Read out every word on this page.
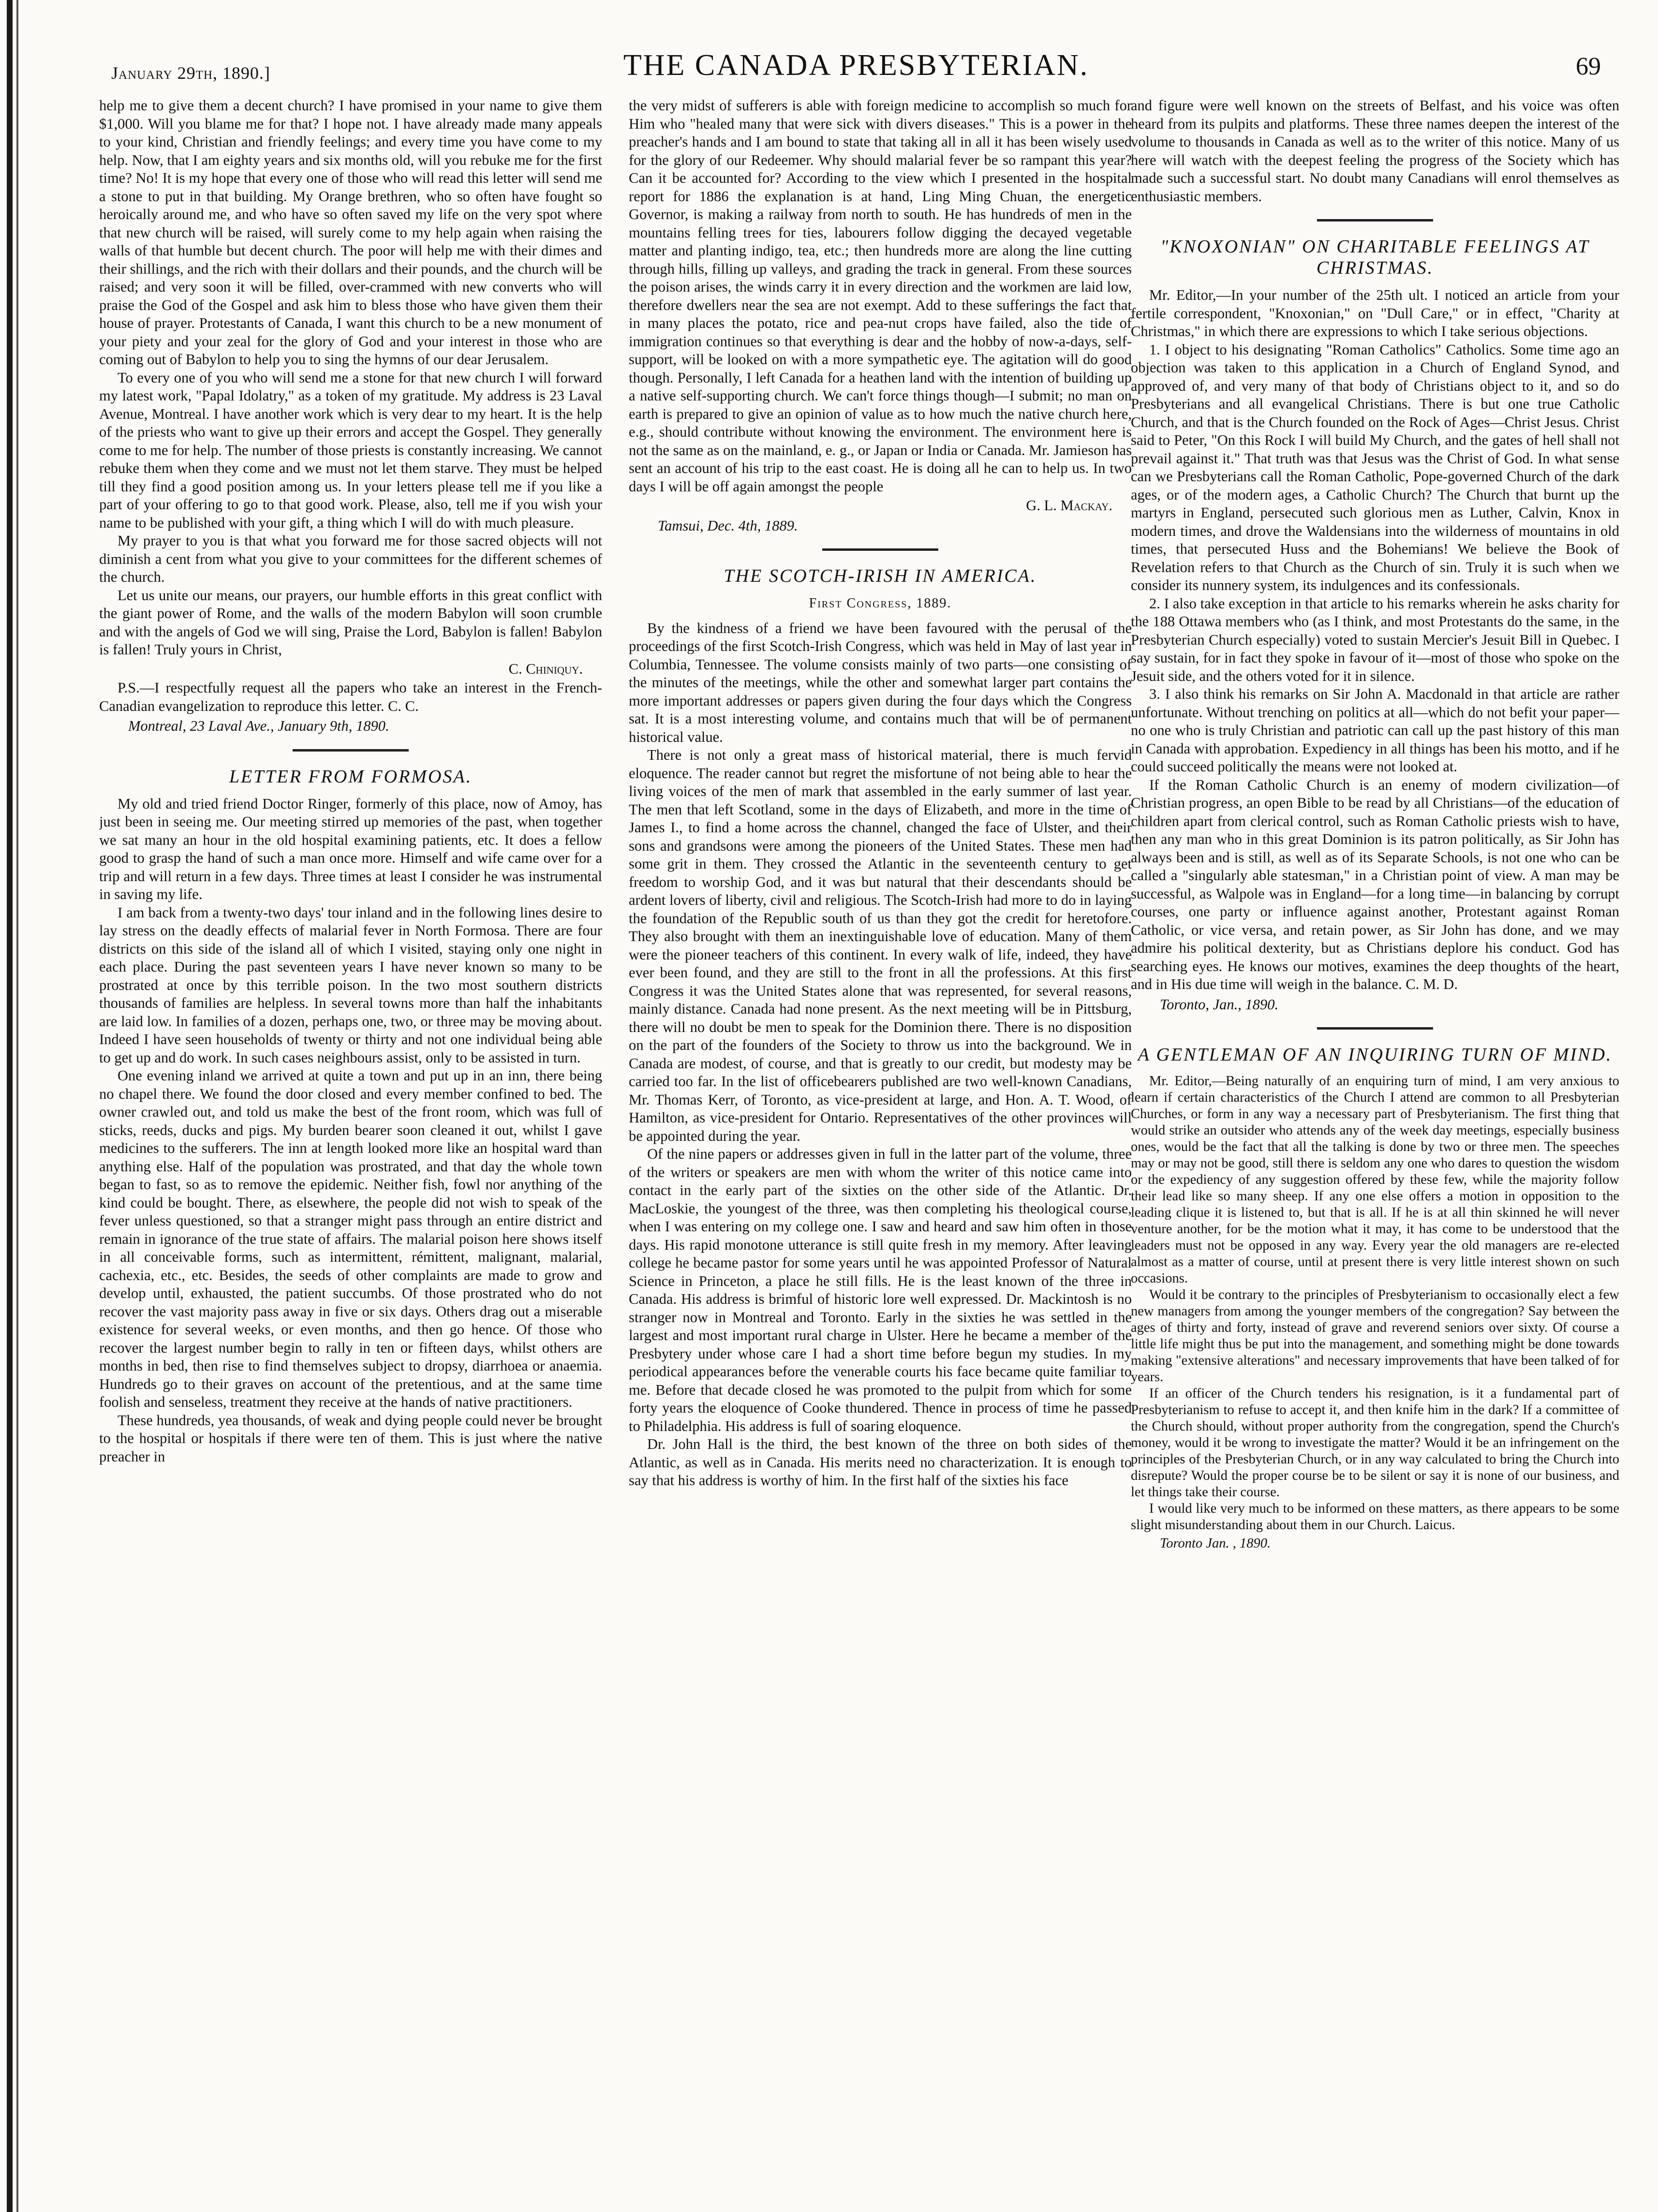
January 29th, 1890.]	THE CANADA PRESBYTERIAN.	69

help me to give them a decent church? I have promised in your name to give them $1,000. Will you blame me for that? I hope not. I have already made many appeals to your kind, Christian and friendly feelings; and every time you have come to my help. Now, that I am eighty years and six months old, will you rebuke me for the first time? No! It is my hope that every one of those who will read this letter will send me a stone to put in that building. My Orange brethren, who so often have fought so heroically around me, and who have so often saved my life on the very spot where that new church will be raised, will surely come to my help again when raising the walls of that humble but decent church. The poor will help me with their dimes and their shillings, and the rich with their dollars and their pounds, and the church will be raised; and very soon it will be filled, over-crammed with new converts who will praise the God of the Gospel and ask him to bless those who have given them their house of prayer. Protestants of Canada, I want this church to be a new monument of your piety and your zeal for the glory of God and your interest in those who are coming out of Babylon to help you to sing the hymns of our dear Jerusalem.

To every one of you who will send me a stone for that new church I will forward my latest work, "Papal Idolatry," as a token of my gratitude. My address is 23 Laval Avenue, Montreal. I have another work which is very dear to my heart. It is the help of the priests who want to give up their errors and accept the Gospel. They generally come to me for help. The number of those priests is constantly increasing. We cannot rebuke them when they come and we must not let them starve. They must be helped till they find a good position among us. In your letters please tell me if you like a part of your offering to go to that good work. Please, also, tell me if you wish your name to be published with your gift, a thing which I will do with much pleasure.

My prayer to you is that what you forward me for those sacred objects will not diminish a cent from what you give to your committees for the different schemes of the church.

Let us unite our means, our prayers, our humble efforts in this great conflict with the giant power of Rome, and the walls of the modern Babylon will soon crumble and with the angels of God we will sing, Praise the Lord, Babylon is fallen! Babylon is fallen! Truly yours in Christ,

C. Chiniquy.

P.S.—I respectfully request all the papers who take an interest in the French-Canadian evangelization to reproduce this letter. C. C.

Montreal, 23 Laval Ave., January 9th, 1890.
LETTER FROM FORMOSA.

My old and tried friend Doctor Ringer, formerly of this place, now of Amoy, has just been in seeing me. Our meeting stirred up memories of the past, when together we sat many an hour in the old hospital examining patients, etc. It does a fellow good to grasp the hand of such a man once more. Himself and wife came over for a trip and will return in a few days. Three times at least I consider he was instrumental in saving my life.

I am back from a twenty-two days' tour inland and in the following lines desire to lay stress on the deadly effects of malarial fever in North Formosa. There are four districts on this side of the island all of which I visited, staying only one night in each place. During the past seventeen years I have never known so many to be prostrated at once by this terrible poison. In the two most southern districts thousands of families are helpless. In several towns more than half the inhabitants are laid low. In families of a dozen, perhaps one, two, or three may be moving about. Indeed I have seen households of twenty or thirty and not one individual being able to get up and do work. In such cases neighbours assist, only to be assisted in turn.

One evening inland we arrived at quite a town and put up in an inn, there being no chapel there. We found the door closed and every member confined to bed. The owner crawled out, and told us make the best of the front room, which was full of sticks, reeds, ducks and pigs. My burden bearer soon cleaned it out, whilst I gave medicines to the sufferers. The inn at length looked more like an hospital ward than anything else. Half of the population was prostrated, and that day the whole town began to fast, so as to remove the epidemic. Neither fish, fowl nor anything of the kind could be bought. There, as elsewhere, the people did not wish to speak of the fever unless questioned, so that a stranger might pass through an entire district and remain in ignorance of the true state of affairs. The malarial poison here shows itself in all conceivable forms, such as intermittent, rémittent, malignant, malarial, cachexia, etc., etc. Besides, the seeds of other complaints are made to grow and develop until, exhausted, the patient succumbs. Of those prostrated who do not recover the vast majority pass away in five or six days. Others drag out a miserable existence for several weeks, or even months, and then go hence. Of those who recover the largest number begin to rally in ten or fifteen days, whilst others are months in bed, then rise to find themselves subject to dropsy, diarrhoea or anaemia. Hundreds go to their graves on account of the pretentious, and at the same time foolish and senseless, treatment they receive at the hands of native practitioners.

These hundreds, yea thousands, of weak and dying people could never be brought to the hospital or hospitals if there were ten of them. This is just where the native preacher in

the very midst of sufferers is able with foreign medicine to accomplish so much for Him who "healed many that were sick with divers diseases." This is a power in the preacher's hands and I am bound to state that taking all in all it has been wisely used for the glory of our Redeemer. Why should malarial fever be so rampant this year? Can it be accounted for? According to the view which I presented in the hospital report for 1886 the explanation is at hand, Ling Ming Chuan, the energetic Governor, is making a railway from north to south. He has hundreds of men in the mountains felling trees for ties, labourers follow digging the decayed vegetable matter and planting indigo, tea, etc.; then hundreds more are along the line cutting through hills, filling up valleys, and grading the track in general. From these sources the poison arises, the winds carry it in every direction and the workmen are laid low, therefore dwellers near the sea are not exempt. Add to these sufferings the fact that in many places the potato, rice and pea-nut crops have failed, also the tide of immigration continues so that everything is dear and the hobby of now-a-days, self-support, will be looked on with a more sympathetic eye. The agitation will do good though. Personally, I left Canada for a heathen land with the intention of building up a native self-supporting church. We can't force things though—I submit; no man on earth is prepared to give an opinion of value as to how much the native church here, e.g., should contribute without knowing the environment. The environment here is not the same as on the mainland, e. g., or Japan or India or Canada. Mr. Jamieson has sent an account of his trip to the east coast. He is doing all he can to help us. In two days I will be off again amongst the people

G. L. Mackay.
Tamsui, Dec. 4th, 1889.
THE SCOTCH-IRISH IN AMERICA.
First Congress, 1889.

By the kindness of a friend we have been favoured with the perusal of the proceedings of the first Scotch-Irish Congress, which was held in May of last year in Columbia, Tennessee. The volume consists mainly of two parts—one consisting of the minutes of the meetings, while the other and somewhat larger part contains the more important addresses or papers given during the four days which the Congress sat. It is a most interesting volume, and contains much that will be of permanent historical value.

There is not only a great mass of historical material, there is much fervid eloquence. The reader cannot but regret the misfortune of not being able to hear the living voices of the men of mark that assembled in the early summer of last year. The men that left Scotland, some in the days of Elizabeth, and more in the time of James I., to find a home across the channel, changed the face of Ulster, and their sons and grandsons were among the pioneers of the United States. These men had some grit in them. They crossed the Atlantic in the seventeenth century to get freedom to worship God, and it was but natural that their descendants should be ardent lovers of liberty, civil and religious. The Scotch-Irish had more to do in laying the foundation of the Republic south of us than they got the credit for heretofore. They also brought with them an inextinguishable love of education. Many of them were the pioneer teachers of this continent. In every walk of life, indeed, they have ever been found, and they are still to the front in all the professions. At this first Congress it was the United States alone that was represented, for several reasons, mainly distance. Canada had none present. As the next meeting will be in Pittsburg, there will no doubt be men to speak for the Dominion there. There is no disposition on the part of the founders of the Society to throw us into the background. We in Canada are modest, of course, and that is greatly to our credit, but modesty may be carried too far. In the list of officebearers published are two well-known Canadians, Mr. Thomas Kerr, of Toronto, as vice-president at large, and Hon. A. T. Wood, of Hamilton, as vice-president for Ontario. Representatives of the other provinces will be appointed during the year.

Of the nine papers or addresses given in full in the latter part of the volume, three of the writers or speakers are men with whom the writer of this notice came into contact in the early part of the sixties on the other side of the Atlantic. Dr. MacLoskie, the youngest of the three, was then completing his theological course, when I was entering on my college one. I saw and heard and saw him often in those days. His rapid monotone utterance is still quite fresh in my memory. After leaving college he became pastor for some years until he was appointed Professor of Natural Science in Princeton, a place he still fills. He is the least known of the three in Canada. His address is brimful of historic lore well expressed. Dr. Mackintosh is no stranger now in Montreal and Toronto. Early in the sixties he was settled in the largest and most important rural charge in Ulster. Here he became a member of the Presbytery under whose care I had a short time before begun my studies. In my periodical appearances before the venerable courts his face became quite familiar to me. Before that decade closed he was promoted to the pulpit from which for some forty years the eloquence of Cooke thundered. Thence in process of time he passed to Philadelphia. His address is full of soaring eloquence.

Dr. John Hall is the third, the best known of the three on both sides of the Atlantic, as well as in Canada. His merits need no characterization. It is enough to say that his address is worthy of him. In the first half of the sixties his face

and figure were well known on the streets of Belfast, and his voice was often heard from its pulpits and platforms. These three names deepen the interest of the volume to thousands in Canada as well as to the writer of this notice. Many of us here will watch with the deepest feeling the progress of the Society which has made such a successful start. No doubt many Canadians will enrol themselves as enthusiastic members.

"KNOXONIAN" ON CHARITABLE FEELINGS AT CHRISTMAS.

Mr. Editor,—In your number of the 25th ult. I noticed an article from your fertile correspondent, "Knoxonian," on "Dull Care," or in effect, "Charity at Christmas," in which there are expressions to which I take serious objections.

1. I object to his designating "Roman Catholics" Catholics. Some time ago an objection was taken to this application in a Church of England Synod, and approved of, and very many of that body of Christians object to it, and so do Presbyterians and all evangelical Christians. There is but one true Catholic Church, and that is the Church founded on the Rock of Ages—Christ Jesus. Christ said to Peter, "On this Rock I will build My Church, and the gates of hell shall not prevail against it." That truth was that Jesus was the Christ of God. In what sense can we Presbyterians call the Roman Catholic, Pope-governed Church of the dark ages, or of the modern ages, a Catholic Church? The Church that burnt up the martyrs in England, persecuted such glorious men as Luther, Calvin, Knox in modern times, and drove the Waldensians into the wilderness of mountains in old times, that persecuted Huss and the Bohemians! We believe the Book of Revelation refers to that Church as the Church of sin. Truly it is such when we consider its nunnery system, its indulgences and its confessionals.

2. I also take exception in that article to his remarks wherein he asks charity for the 188 Ottawa members who (as I think, and most Protestants do the same, in the Presbyterian Church especially) voted to sustain Mercier's Jesuit Bill in Quebec. I say sustain, for in fact they spoke in favour of it—most of those who spoke on the Jesuit side, and the others voted for it in silence.

3. I also think his remarks on Sir John A. Macdonald in that article are rather unfortunate. Without trenching on politics at all—which do not befit your paper—no one who is truly Christian and patriotic can call up the past history of this man in Canada with approbation. Expediency in all things has been his motto, and if he could succeed politically the means were not looked at.

If the Roman Catholic Church is an enemy of modern civilization—of Christian progress, an open Bible to be read by all Christians—of the education of children apart from clerical control, such as Roman Catholic priests wish to have, then any man who in this great Dominion is its patron politically, as Sir John has always been and is still, as well as of its Separate Schools, is not one who can be called a "singularly able statesman," in a Christian point of view. A man may be successful, as Walpole was in England—for a long time—in balancing by corrupt courses, one party or influence against another, Protestant against Roman Catholic, or vice versa, and retain power, as Sir John has done, and we may admire his political dexterity, but as Christians deplore his conduct. God has searching eyes. He knows our motives, examines the deep thoughts of the heart, and in His due time will weigh in the balance. C. M. D.

Toronto, Jan., 1890.
A GENTLEMAN OF AN INQUIRING TURN OF MIND.

Mr. Editor,—Being naturally of an enquiring turn of mind, I am very anxious to learn if certain characteristics of the Church I attend are common to all Presbyterian Churches, or form in any way a necessary part of Presbyterianism. The first thing that would strike an outsider who attends any of the week day meetings, especially business ones, would be the fact that all the talking is done by two or three men. The speeches may or may not be good, still there is seldom any one who dares to question the wisdom or the expediency of any suggestion offered by these few, while the majority follow their lead like so many sheep. If any one else offers a motion in opposition to the leading clique it is listened to, but that is all. If he is at all thin skinned he will never venture another, for be the motion what it may, it has come to be understood that the leaders must not be opposed in any way. Every year the old managers are re-elected almost as a matter of course, until at present there is very little interest shown on such occasions.

Would it be contrary to the principles of Presbyterianism to occasionally elect a few new managers from among the younger members of the congregation? Say between the ages of thirty and forty, instead of grave and reverend seniors over sixty. Of course a little life might thus be put into the management, and something might be done towards making "extensive alterations" and necessary improvements that have been talked of for years.

If an officer of the Church tenders his resignation, is it a fundamental part of Presbyterianism to refuse to accept it, and then knife him in the dark? If a committee of the Church should, without proper authority from the congregation, spend the Church's money, would it be wrong to investigate the matter? Would it be an infringement on the principles of the Presbyterian Church, or in any way calculated to bring the Church into disrepute? Would the proper course be to be silent or say it is none of our business, and let things take their course.

I would like very much to be informed on these matters, as there appears to be some slight misunderstanding about them in our Church. Laicus.

Toronto Jan. , 1890.
